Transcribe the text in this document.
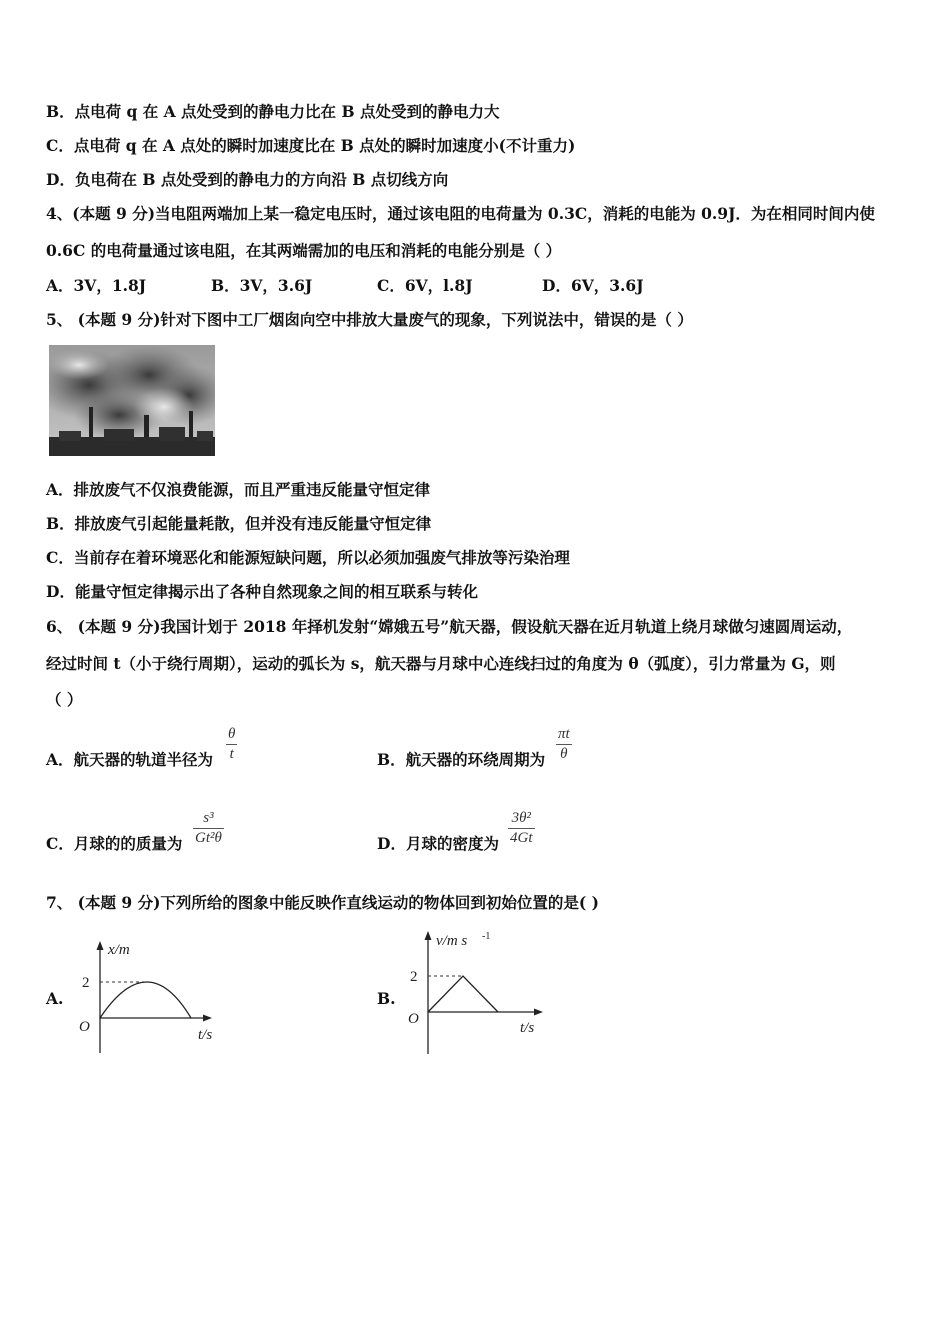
B．点电荷 q 在 A 点处受到的静电力比在 B 点处受到的静电力大
C．点电荷 q 在 A 点处的瞬时加速度比在 B 点处的瞬时加速度小(不计重力)
D．负电荷在 B 点处受到的静电力的方向沿 B 点切线方向
4、(本题 9 分)当电阻两端加上某一稳定电压时，通过该电阻的电荷量为 0.3C，消耗的电能为 0.9J．为在相同时间内使
0.6C 的电荷量通过该电阻，在其两端需加的电压和消耗的电能分别是（ ）
A．3V，1.8J	B．3V，3.6J	C．6V，l.8J	D．6V，3.6J
5、 (本题 9 分)针对下图中工厂烟囱向空中排放大量废气的现象，下列说法中，错误的是（ ）
A．排放废气不仅浪费能源，而且严重违反能量守恒定律
B．排放废气引起能量耗散，但并没有违反能量守恒定律
C．当前存在着环境恶化和能源短缺问题，所以必须加强废气排放等污染治理
D．能量守恒定律揭示出了各种自然现象之间的相互联系与转化
6、 (本题 9 分)我国计划于 2018 年择机发射“嫦娥五号”航天器，假设航天器在近月轨道上绕月球做匀速圆周运动，
经过时间 t（小于绕行周期），运动的弧长为 s，航天器与月球中心连线扫过的角度为 θ（弧度），引力常量为 G，则
（ ）
A．航天器的轨道半径为
θ
t	B．航天器的环绕周期为
πt
θ
C．月球的的质量为
s³
Gt²θ	D．月球的密度为
3θ²
4Gt
7、 (本题 9 分)下列所给的图象中能反映作直线运动的物体回到初始位置的是( )
A.
x/m
2
O	t/s
B.
v/m s -1
2
O
t/s
